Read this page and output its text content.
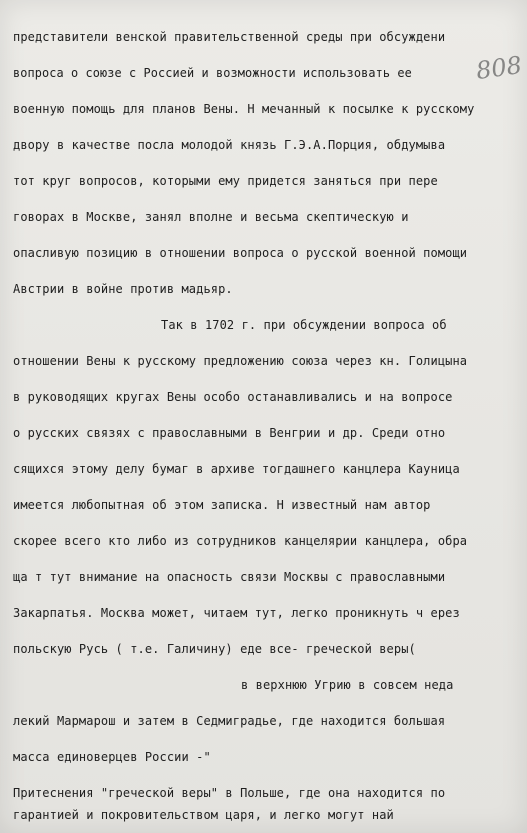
808
представители венской правительственной среды при обсуждени
вопроса о союзе с Россией и возможности использовать ее
военную помощь для планов Вены. Н мечанный к посылке к русскому
двору в качестве посла молодой князь Г.Э.А.Порция, обдумыва
тот круг вопросов, которыми ему придется заняться при пере
говорах в Москве, занял вполне и весьма скептическую и
опасливую позицию в отношении вопроса о русской военной помощи
Австрии в войне против мадьяр.
Так в 1702 г. при обсуждении вопроса об
отношении Вены к русскому предложению союза через кн. Голицына
в руководящих кругах Вены особо останавливались и на вопросе
о русских связях с православными в Венгрии и др. Среди отно
сящихся этому делу бумаг в архиве тогдашнего канцлера Кауница
имеется любопытная об этом записка. Н известный нам автор
скорее всего кто либо из сотрудников канцелярии канцлера, обра
ща т тут внимание на опасность связи Москвы с православными
Закарпатья. Москва может, читаем тут, легко проникнуть ч ерез
польскую Русь ( т.е. Галичину) еде все- греческой веры(
в верхнюю Угрию в совсем неда
лекий Мармарош и затем в Седмиградье, где находится большая
масса единоверцев России -"
Притеснения "греческой веры" в Польше, где она находится по
гарантией и покровительством царя, и легко могут най
